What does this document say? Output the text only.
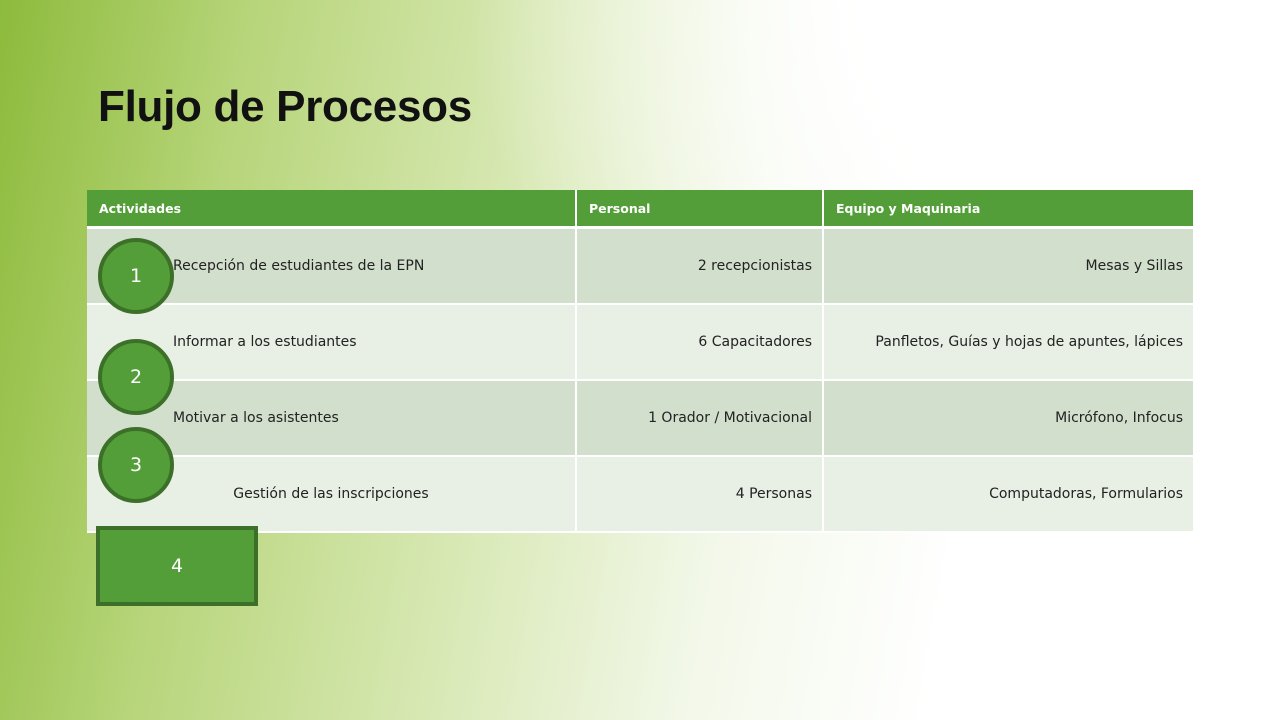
Flujo de Procesos
Actividades	Personal	Equipo y Maquinaria
Recepción de estudiantes de la EPN	2 recepcionistas	Mesas y Sillas
Informar a los estudiantes	6 Capacitadores	Panfletos, Guías y hojas de apuntes, lápices
Motivar a los asistentes	1 Orador / Motivacional	Micrófono, Infocus
Gestión de las inscripciones	4 Personas	Computadoras, Formularios
1
2
3
4
